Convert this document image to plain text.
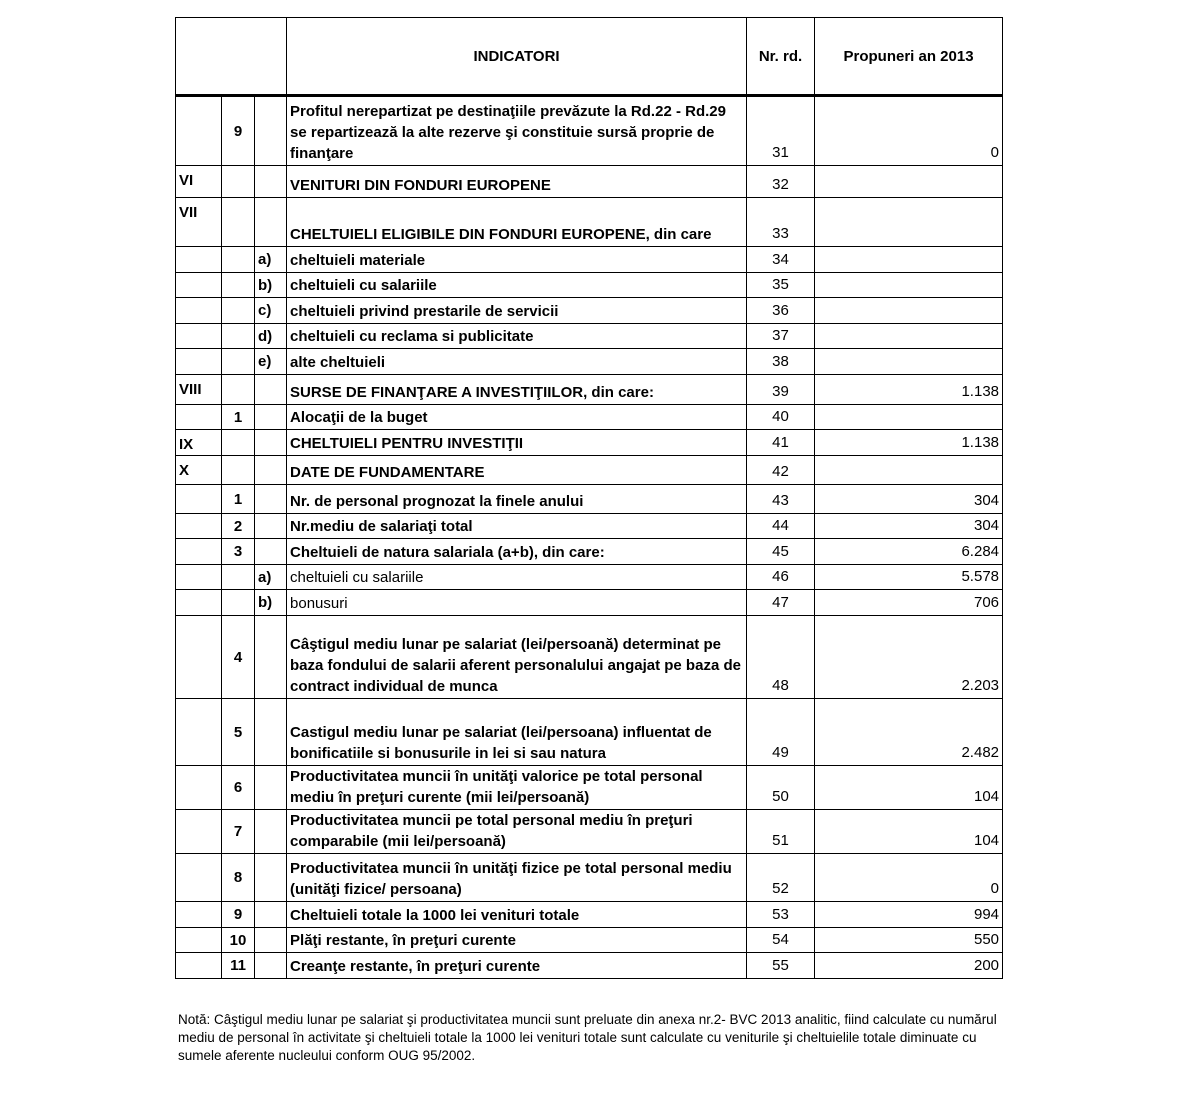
			INDICATORI	Nr. rd.	Propuneri an 2013
	9		Profitul nerepartizat pe destinaţiile prevăzute la Rd.22 - Rd.29 se repartizează la alte rezerve şi constituie sursă proprie de finanţare	31	0
VI			VENITURI DIN FONDURI EUROPENE	32	
VII			CHELTUIELI ELIGIBILE DIN FONDURI EUROPENE, din care	33	
		a)	cheltuieli materiale	34	
		b)	cheltuieli cu salariile	35	
		c)	cheltuieli privind prestarile de servicii	36	
		d)	cheltuieli cu reclama si publicitate	37	
		e)	alte cheltuieli	38	
VIII			SURSE DE FINANŢARE A INVESTIŢIILOR, din care:	39	1.138
	1		Alocaţii de la buget	40	
IX			CHELTUIELI PENTRU INVESTIŢII	41	1.138
X			DATE DE FUNDAMENTARE	42	
	1		Nr. de personal prognozat la finele anului	43	304
	2		Nr.mediu de salariaţi total	44	304
	3		Cheltuieli de natura salariala (a+b), din care:	45	6.284
		a)	cheltuieli cu salariile	46	5.578
		b)	bonusuri	47	706
	4		Câştigul mediu lunar pe salariat (lei/persoană) determinat pe baza fondului de salarii aferent personalului angajat pe baza de contract individual de munca	48	2.203
	5		Castigul mediu lunar pe salariat (lei/persoana) influentat de bonificatiile si bonusurile in lei si sau natura	49	2.482
	6		Productivitatea muncii în unităţi valorice pe total personal mediu în preţuri curente (mii lei/persoană)	50	104
	7		Productivitatea muncii pe total personal mediu în preţuri comparabile (mii lei/persoană)	51	104
	8		Productivitatea muncii în unităţi fizice pe total personal mediu (unităţi fizice/ persoana)	52	0
	9		Cheltuieli totale la 1000 lei venituri totale	53	994
	10		Plăţi restante, în preţuri curente	54	550
	11		Creanţe restante, în preţuri curente	55	200

Notă: Câştigul mediu lunar pe salariat şi productivitatea muncii sunt preluate din anexa nr.2- BVC 2013 analitic, fiind calculate cu numărul mediu de personal în activitate şi cheltuieli totale la 1000 lei venituri totale sunt calculate cu veniturile şi cheltuielile totale diminuate cu sumele aferente nucleului conform OUG 95/2002.
